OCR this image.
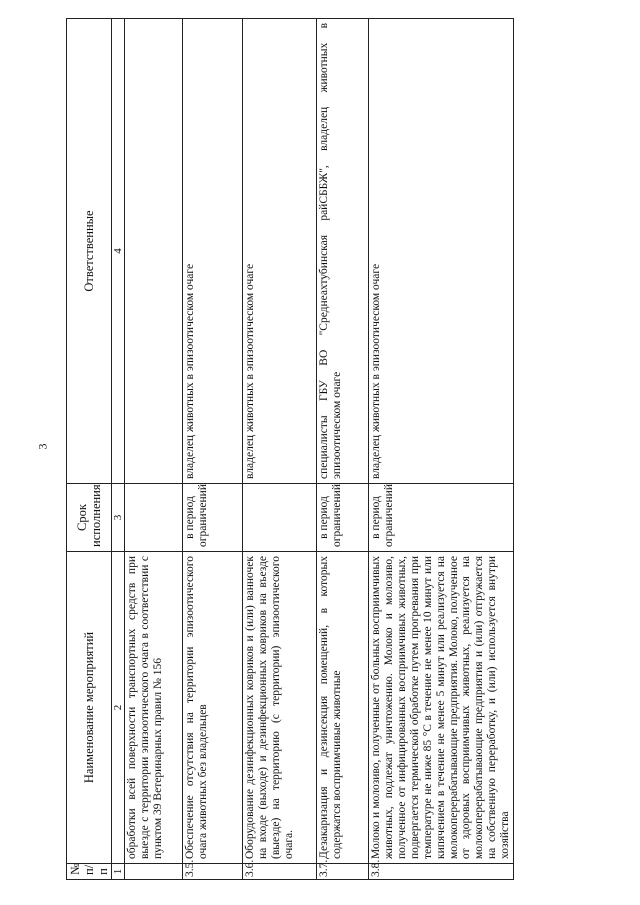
3
№ п/п	Наименование мероприятий	Срок исполнения	Ответственные
1	2	3	4
	обработки всей поверхности транспортных средств при выезде с территории эпизоотического очага в соответствии с пунктом 39 Ветеринарных правил № 156		
3.5.	Обеспечение отсутствия на территории эпизоотического очага животных без владельцев	в период ограничений	владелец животных в эпизоотическом очаге
3.6.	Оборудование дезинфекционных ковриков и (или) ванночек на входе (выходе) и дезинфекционных ковриков на въезде (выезде) на территорию (с территории) эпизоотического очага.		владелец животных в эпизоотическом очаге
3.7.	Дезакаризация и дезинсекция помещений, в которых содержатся восприимчивые животные	в период ограничений	специалисты ГБУ ВО "Среднеахтубинская райСББЖ", владелец животных в эпизоотическом очаге
3.8.	Молоко и молозиво, полученные от больных восприимчивых животных, подлежат уничтожению. Молоко и молозиво, полученное от инфицированных восприимчивых животных, подвергается термической обработке путем прогревания при температуре не ниже 85 °С в течение не менее 10 минут или кипячением в течение не менее 5 минут или реализуется на молокоперерабатывающие предприятия. Молоко, полученное от здоровых восприимчивых животных, реализуется на молокоперерабатывающие предприятия и (или) отгружается на собственную переработку, и (или) используется внутри хозяйства	в период ограничений	владелец животных в эпизоотическом очаге
